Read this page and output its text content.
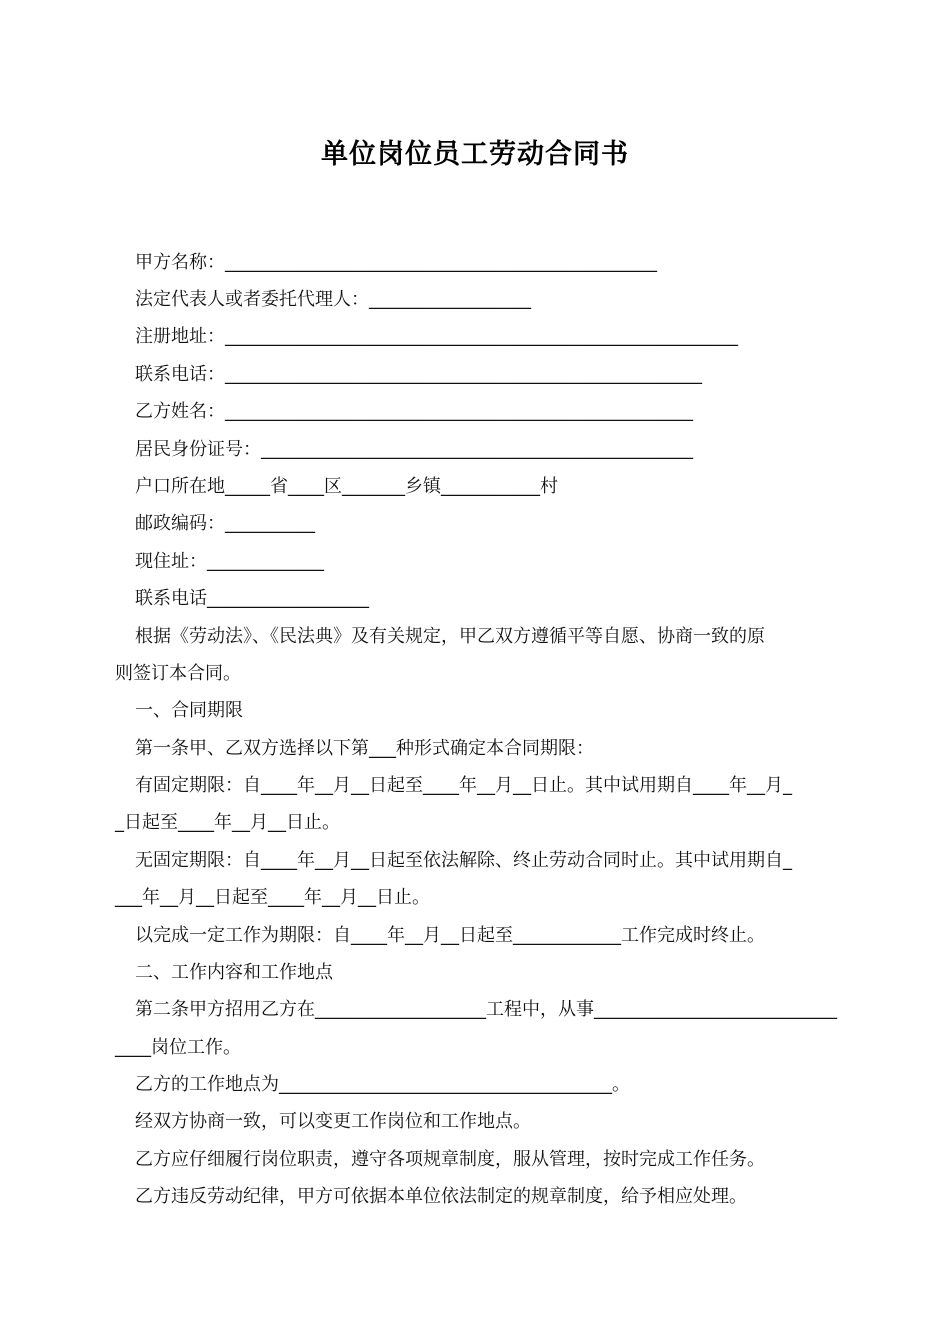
单位岗位员工劳动合同书
甲方名称：________________________________________________
法定代表人或者委托代理人：__________________
注册地址：_________________________________________________________
联系电话：_____________________________________________________
乙方姓名：____________________________________________________
居民身份证号：________________________________________________
户口所在地_____省____区_______乡镇___________村
邮政编码：__________
现住址：_____________
联系电话__________________
根据《劳动法》、《民法典》及有关规定，甲乙双方遵循平等自愿、协商一致的原
则签订本合同。
一、合同期限
第一条甲、乙双方选择以下第___种形式确定本合同期限：
有固定期限：自____年__月__日起至____年__月__日止。其中试用期自____年__月_
_日起至____年__月__日止。
无固定期限：自____年__月__日起至依法解除、终止劳动合同时止。其中试用期自_
___年__月__日起至____年__月__日止。
以完成一定工作为期限：自____年__月__日起至____________工作完成时终止。
二、工作内容和工作地点
第二条甲方招用乙方在___________________工程中，从事___________________________
____岗位工作。
乙方的工作地点为_____________________________________。
经双方协商一致，可以变更工作岗位和工作地点。
乙方应仔细履行岗位职责，遵守各项规章制度，服从管理，按时完成工作任务。
乙方违反劳动纪律，甲方可依据本单位依法制定的规章制度，给予相应处理。
